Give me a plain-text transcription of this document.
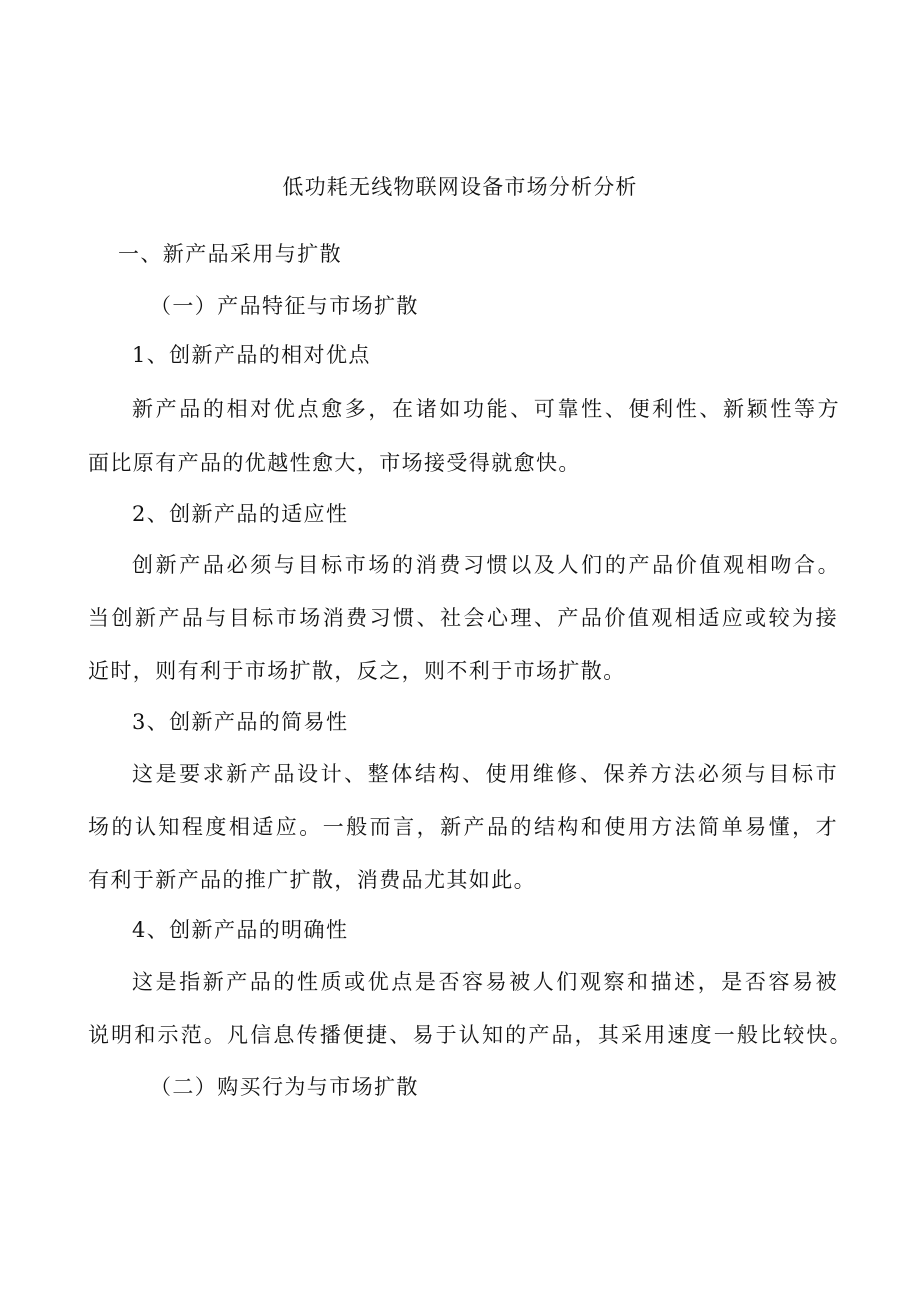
低功耗无线物联网设备市场分析分析
一、新产品采用与扩散
（一）产品特征与市场扩散
1、创新产品的相对优点
新产品的相对优点愈多，在诸如功能、可靠性、便利性、新颖性等方
面比原有产品的优越性愈大，市场接受得就愈快。
2、创新产品的适应性
创新产品必须与目标市场的消费习惯以及人们的产品价值观相吻合。
当创新产品与目标市场消费习惯、社会心理、产品价值观相适应或较为接
近时，则有利于市场扩散，反之，则不利于市场扩散。
3、创新产品的简易性
这是要求新产品设计、整体结构、使用维修、保养方法必须与目标市
场的认知程度相适应。一般而言，新产品的结构和使用方法简单易懂，才
有利于新产品的推广扩散，消费品尤其如此。
4、创新产品的明确性
这是指新产品的性质或优点是否容易被人们观察和描述，是否容易被
说明和示范。凡信息传播便捷、易于认知的产品，其采用速度一般比较快。
（二）购买行为与市场扩散
